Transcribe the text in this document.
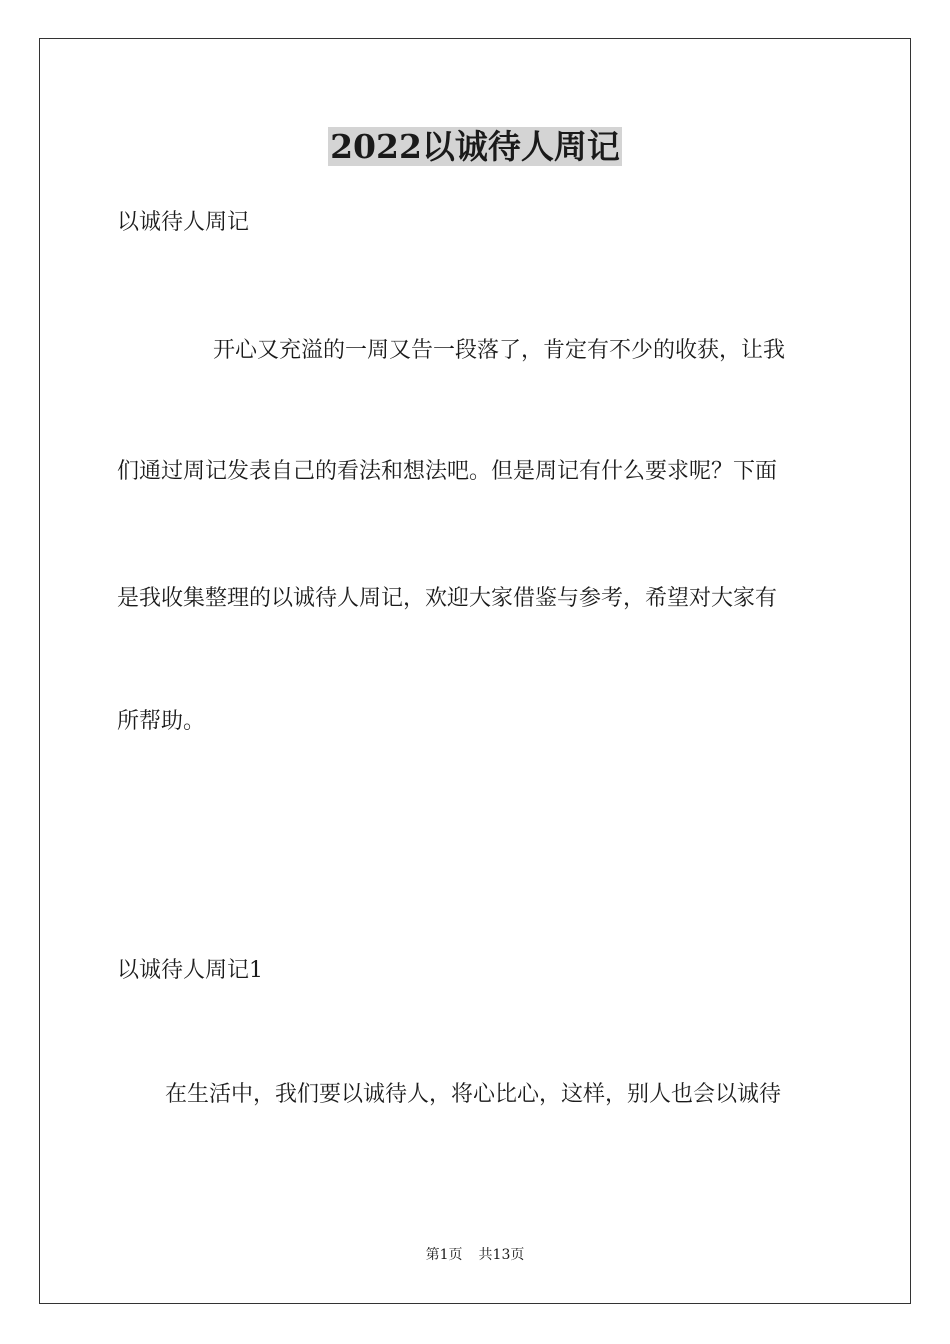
2022以诚待人周记
以诚待人周记
开心又充溢的一周又告一段落了，肯定有不少的收获，让我
们通过周记发表自己的看法和想法吧。但是周记有什么要求呢？下面
是我收集整理的以诚待人周记，欢迎大家借鉴与参考，希望对大家有
所帮助。
以诚待人周记1
在生活中，我们要以诚待人，将心比心，这样，别人也会以诚待
第1页 共13页
